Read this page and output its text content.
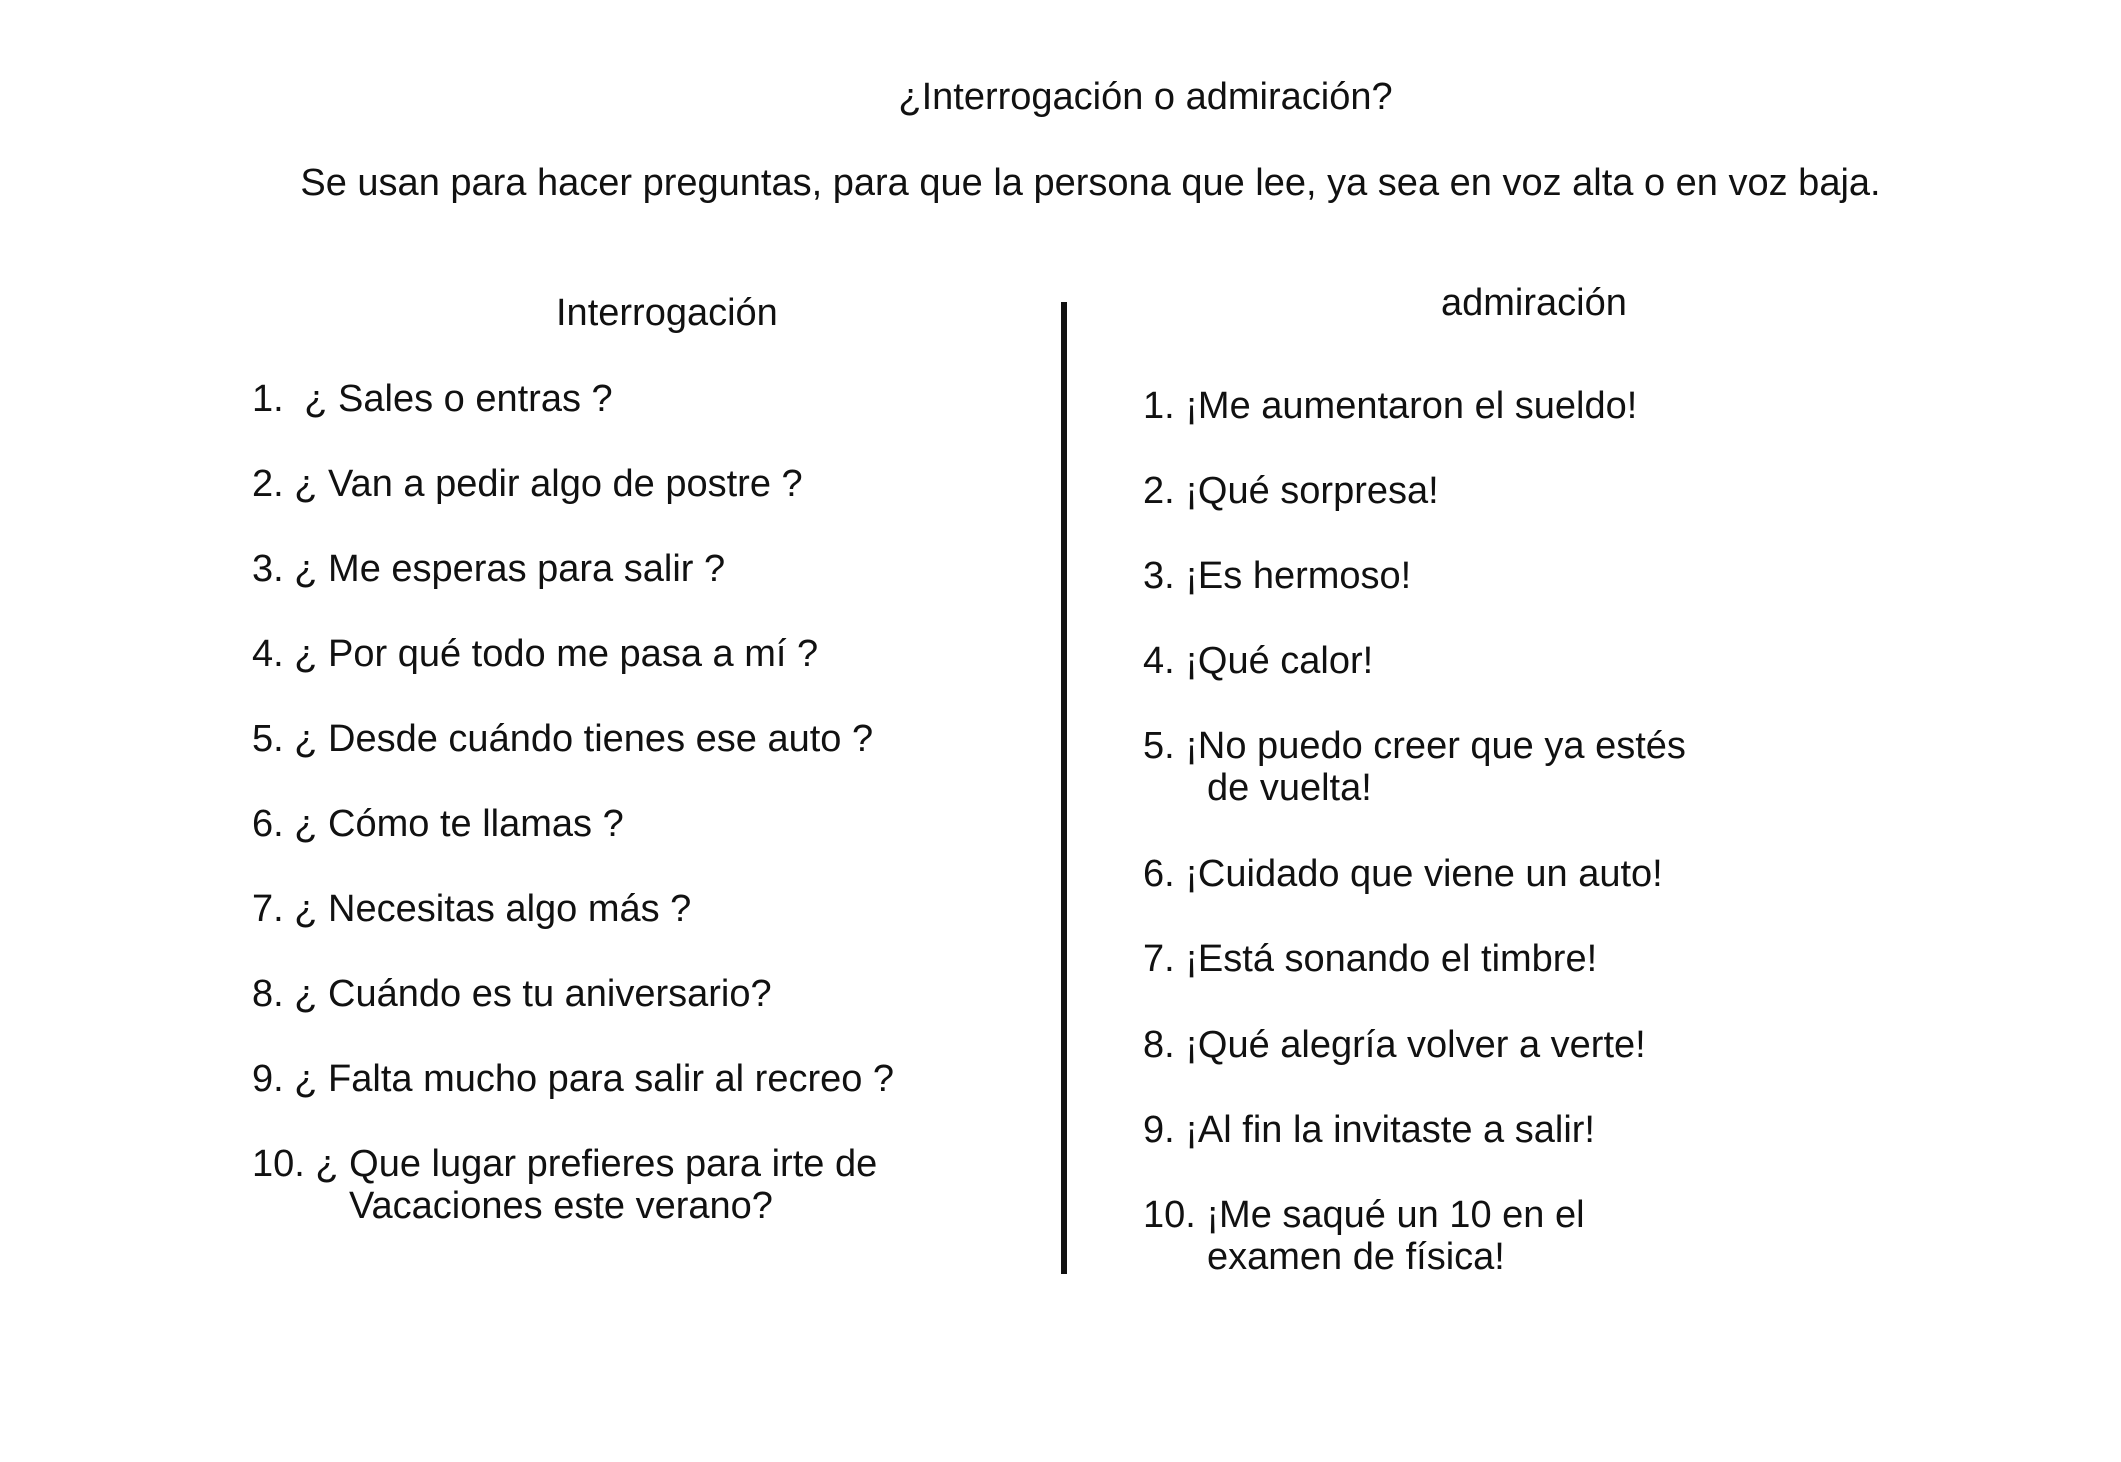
¿Interrogación o admiración?
Se usan para hacer preguntas, para que la persona que lee, ya sea en voz alta o en voz baja.
Interrogación	admiración
1. ¿ Sales o entras ?
2. ¿ Van a pedir algo de postre ?
3. ¿ Me esperas para salir ?
4. ¿ Por qué todo me pasa a mí ?
5. ¿ Desde cuándo tienes ese auto ?
6. ¿ Cómo te llamas ?
7. ¿ Necesitas algo más ?
8. ¿ Cuándo es tu aniversario?
9. ¿ Falta mucho para salir al recreo ?
10. ¿ Que lugar prefieres para irte de
Vacaciones este verano?
1. ¡Me aumentaron el sueldo!
2. ¡Qué sorpresa!
3. ¡Es hermoso!
4. ¡Qué calor!
5. ¡No puedo creer que ya estés
de vuelta!
6. ¡Cuidado que viene un auto!
7. ¡Está sonando el timbre!
8. ¡Qué alegría volver a verte!
9. ¡Al fin la invitaste a salir!
10. ¡Me saqué un 10 en el
examen de física!
